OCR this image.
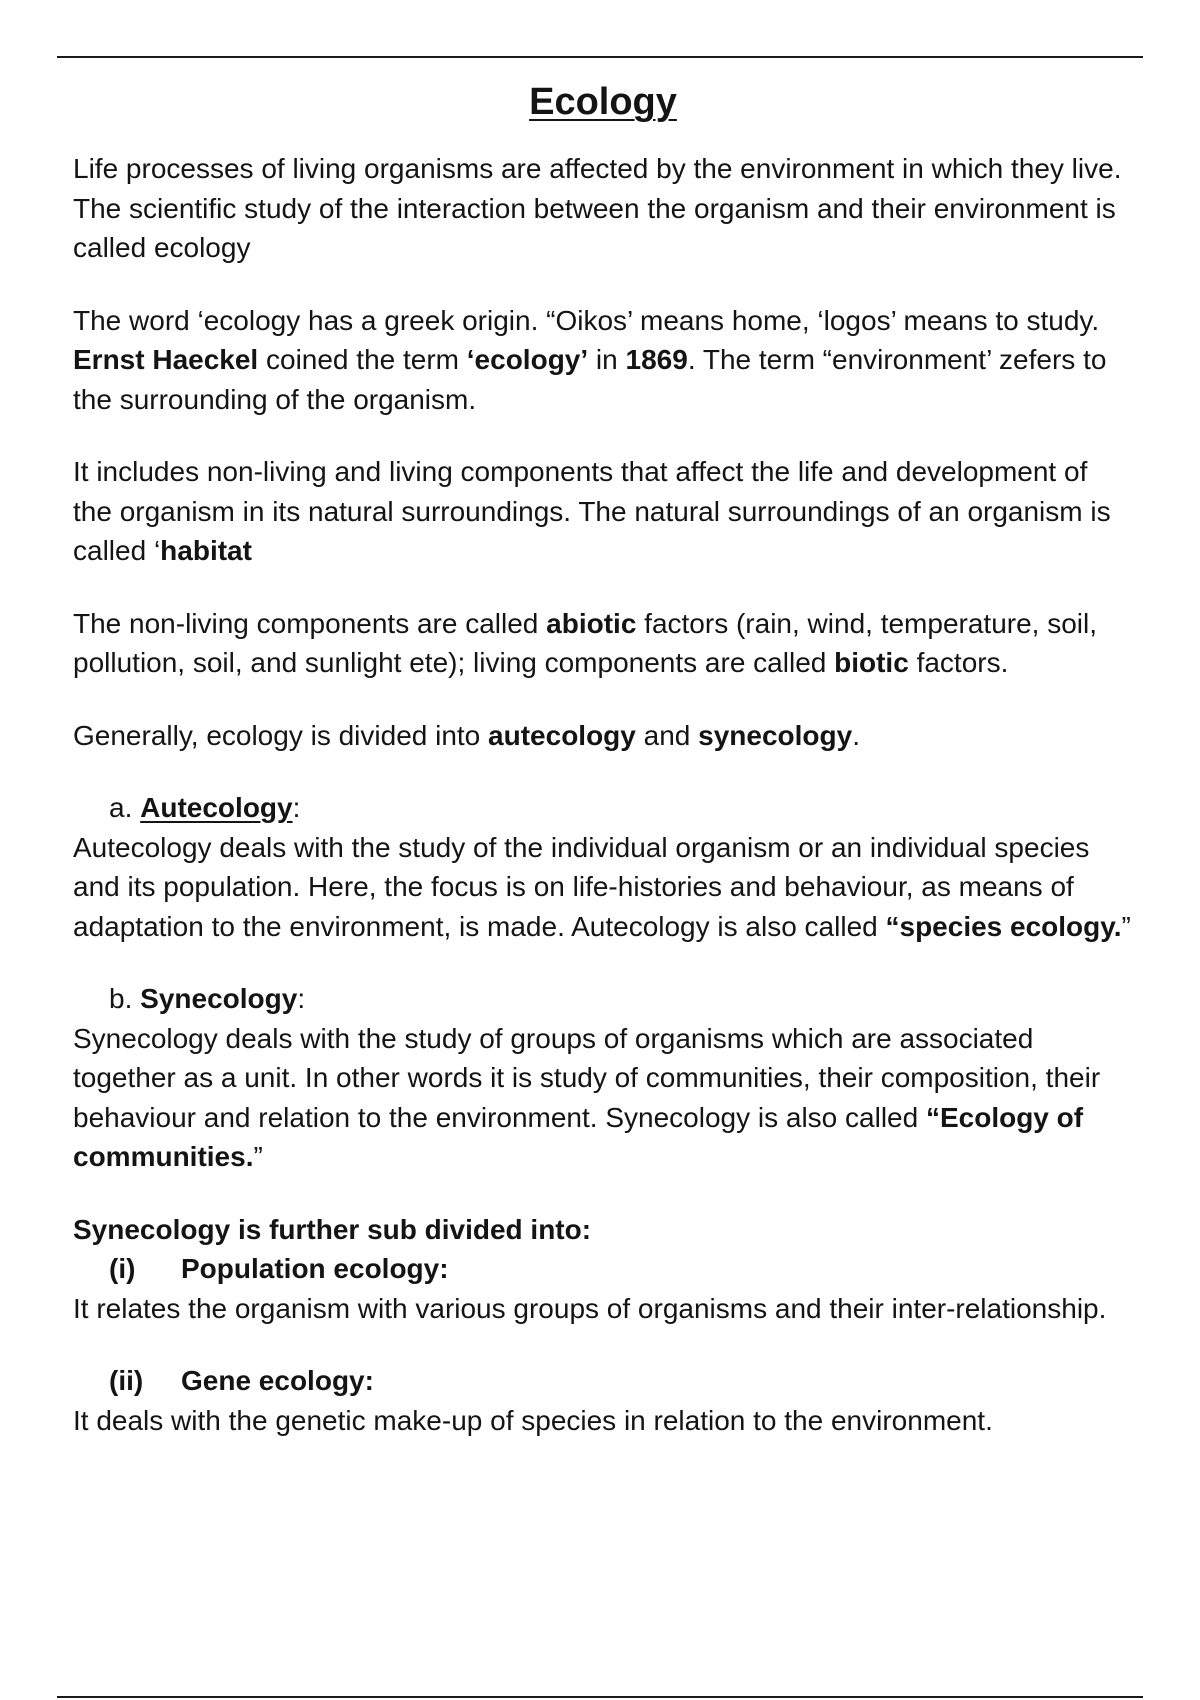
Ecology

Life processes of living organisms are affected by the environment in which they live. The scientific study of the interaction between the organism and their environment is called ecology

The word ‘ecology has a greek origin. “Oikos’ means home, ‘logos’ means to study. Ernst Haeckel coined the term ‘ecology’ in 1869. The term “environment’ zefers to the surrounding of the organism.

It includes non-living and living components that affect the life and development of the organism in its natural surroundings. The natural surroundings of an organism is called ‘habitat

The non-living components are called abiotic factors (rain, wind, temperature, soil, pollution, soil, and sunlight ete); living components are called biotic factors.

Generally, ecology is divided into autecology and synecology.

a. Autecology:

Autecology deals with the study of the individual organism or an individual species and its population. Here, the focus is on life-histories and behaviour, as means of adaptation to the environment, is made. Autecology is also called “species ecology.”

b. Synecology:

Synecology deals with the study of groups of organisms which are associated together as a unit. In other words it is study of communities, their composition, their behaviour and relation to the environment. Synecology is also called “Ecology of communities.”

Synecology is further sub divided into:

(i) Population ecology:

It relates the organism with various groups of organisms and their inter-relationship.

(ii) Gene ecology:

It deals with the genetic make-up of species in relation to the environment.
